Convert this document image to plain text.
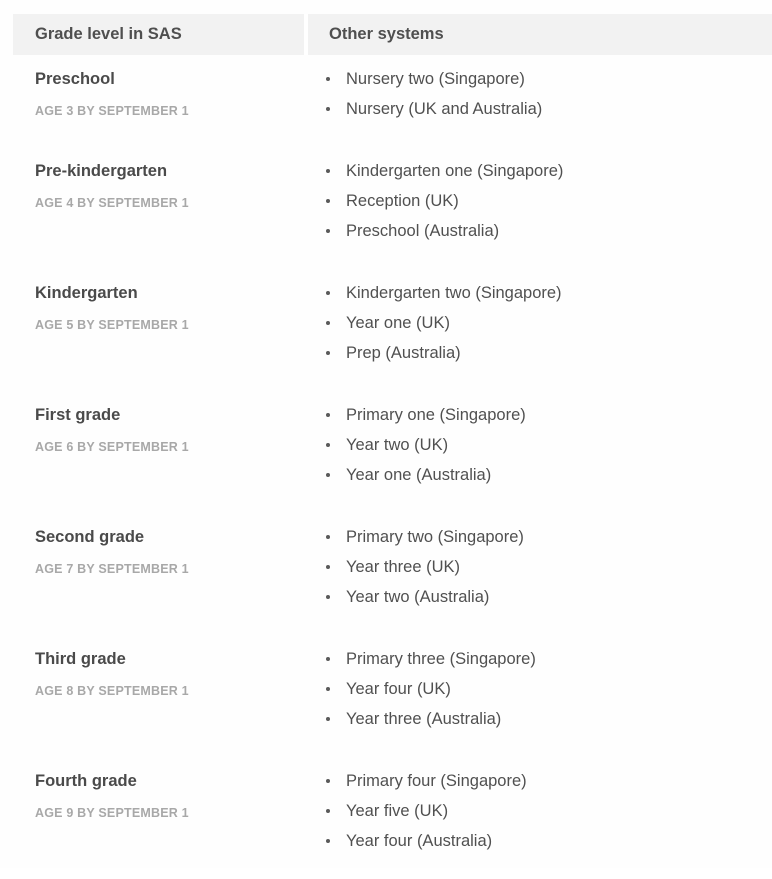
Grade level in SAS	Other systems
Preschool
AGE 3 BY SEPTEMBER 1
Nursery two (Singapore)
Nursery (UK and Australia)
Pre-kindergarten
AGE 4 BY SEPTEMBER 1
Kindergarten one (Singapore)
Reception (UK)
Preschool (Australia)
Kindergarten
AGE 5 BY SEPTEMBER 1
Kindergarten two (Singapore)
Year one (UK)
Prep (Australia)
First grade
AGE 6 BY SEPTEMBER 1
Primary one (Singapore)
Year two (UK)
Year one (Australia)
Second grade
AGE 7 BY SEPTEMBER 1
Primary two (Singapore)
Year three (UK)
Year two (Australia)
Third grade
AGE 8 BY SEPTEMBER 1
Primary three (Singapore)
Year four (UK)
Year three (Australia)
Fourth grade
AGE 9 BY SEPTEMBER 1
Primary four (Singapore)
Year five (UK)
Year four (Australia)
